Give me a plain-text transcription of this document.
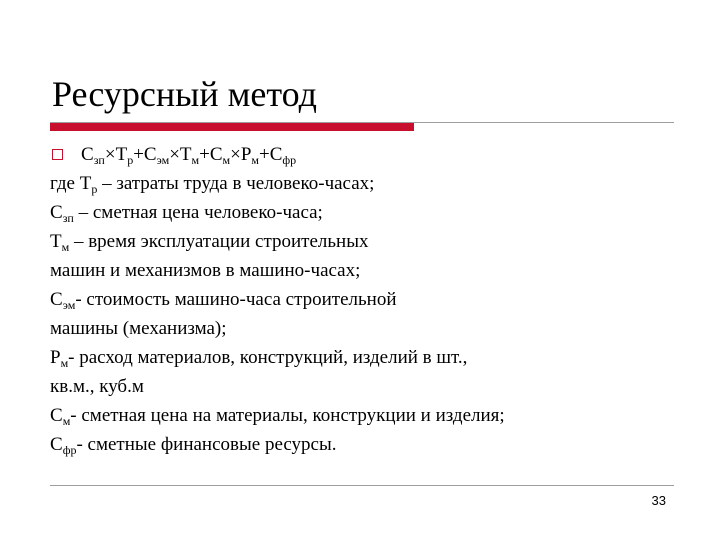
Ресурсный метод
$С_{зп}\times Т_р+С_{эм}\times Т_м+С_м\times Р_м+С_{фр}$
где $Т_р$ – затраты труда в человеко-часах;
$С_{зп}$ – сметная цена человеко-часа;
$Т_м$ – время эксплуатации строительных
машин и механизмов в машино-часах;
$С_{эм}-$ стоимость машино-часа строительной
машины (механизма);
$Р_м-$ расход материалов, конструкций, изделий в шт.,
кв.м., куб.м
$С_м-$ сметная цена на материалы, конструкции и изделия;
$С_{фр}-$ сметные финансовые ресурсы.
33
